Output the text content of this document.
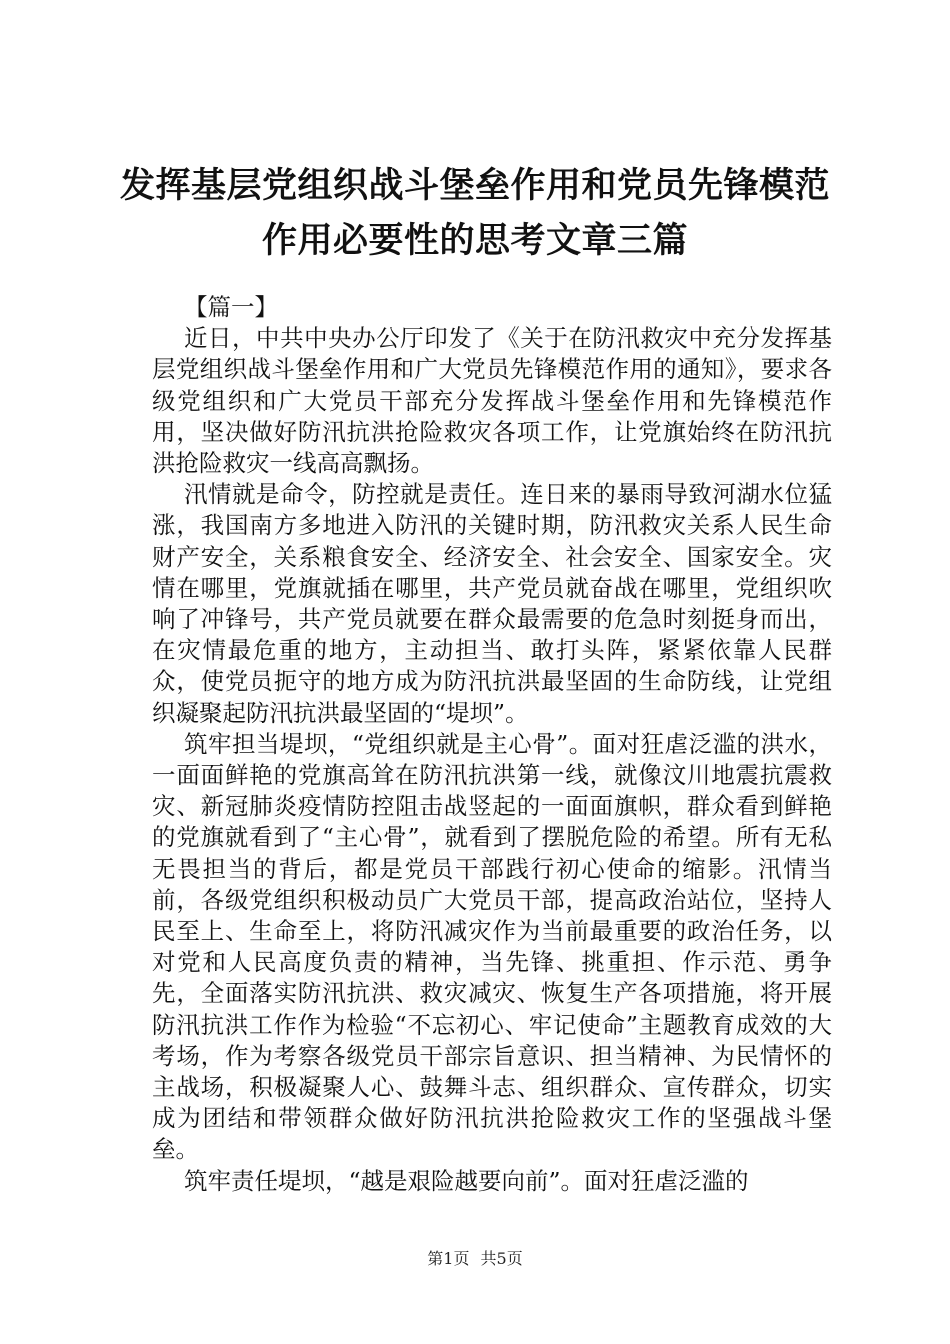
发挥基层党组织战斗堡垒作用和党员先锋模范
作用必要性的思考文章三篇

【篇一】

近日，中共中央办公厅印发了《关于在防汛救灾中充分发挥基层党组织战斗堡垒作用和广大党员先锋模范作用的通知》，要求各级党组织和广大党员干部充分发挥战斗堡垒作用和先锋模范作用，坚决做好防汛抗洪抢险救灾各项工作，让党旗始终在防汛抗洪抢险救灾一线高高飘扬。

汛情就是命令，防控就是责任。连日来的暴雨导致河湖水位猛涨，我国南方多地进入防汛的关键时期，防汛救灾关系人民生命财产安全，关系粮食安全、经济安全、社会安全、国家安全。灾情在哪里，党旗就插在哪里，共产党员就奋战在哪里，党组织吹响了冲锋号，共产党员就要在群众最需要的危急时刻挺身而出，在灾情最危重的地方，主动担当、敢打头阵，紧紧依靠人民群众，使党员扼守的地方成为防汛抗洪最坚固的生命防线，让党组织凝聚起防汛抗洪最坚固的“堤坝”。

筑牢担当堤坝，“党组织就是主心骨”。面对狂虐泛滥的洪水，一面面鲜艳的党旗高耸在防汛抗洪第一线，就像汶川地震抗震救灾、新冠肺炎疫情防控阻击战竖起的一面面旗帜，群众看到鲜艳的党旗就看到了“主心骨”，就看到了摆脱危险的希望。所有无私无畏担当的背后，都是党员干部践行初心使命的缩影。汛情当前，各级党组织积极动员广大党员干部，提高政治站位，坚持人民至上、生命至上，将防汛减灾作为当前最重要的政治任务，以对党和人民高度负责的精神，当先锋、挑重担、作示范、勇争先，全面落实防汛抗洪、救灾减灾、恢复生产各项措施，将开展防汛抗洪工作作为检验“不忘初心、牢记使命”主题教育成效的大考场，作为考察各级党员干部宗旨意识、担当精神、为民情怀的主战场，积极凝聚人心、鼓舞斗志、组织群众、宣传群众，切实成为团结和带领群众做好防汛抗洪抢险救灾工作的坚强战斗堡垒。

筑牢责任堤坝，“越是艰险越要向前”。面对狂虐泛滥的

第1页 共5页
